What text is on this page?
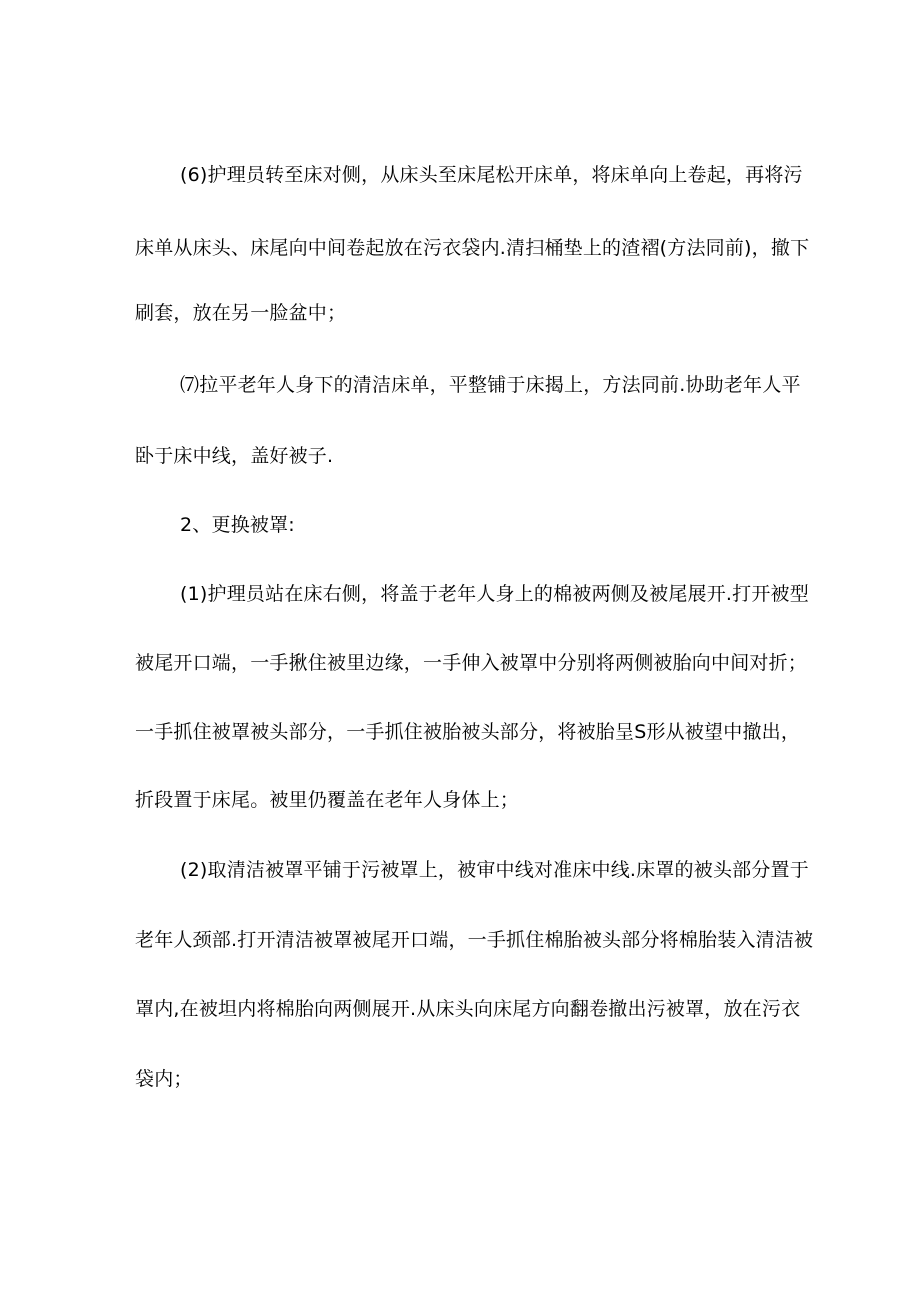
(6)护理员转至床对侧，从床头至床尾松开床单，将床单向上卷起，再将污
床单从床头、床尾向中间卷起放在污衣袋内.清扫桶垫上的渣褶(方法同前)，撤下
刷套，放在另一脸盆中；
⑺拉平老年人身下的清洁床单，平整铺于床揭上，方法同前.协助老年人平
卧于床中线，盖好被子.
2、更换被罩:
(1)护理员站在床右侧，将盖于老年人身上的棉被两侧及被尾展开.打开被型
被尾开口端，一手揪住被里边缘，一手伸入被罩中分别将两侧被胎向中间对折；
一手抓住被罩被头部分，一手抓住被胎被头部分，将被胎呈S形从被望中撤出，
折段置于床尾。被里仍覆盖在老年人身体上；
(2)取清洁被罩平铺于污被罩上，被审中线对准床中线.床罩的被头部分置于
老年人颈部.打开清洁被罩被尾开口端，一手抓住棉胎被头部分将棉胎装入清洁被
罩内,在被坦内将棉胎向两侧展开.从床头向床尾方向翻卷撤出污被罩，放在污衣
袋内；
